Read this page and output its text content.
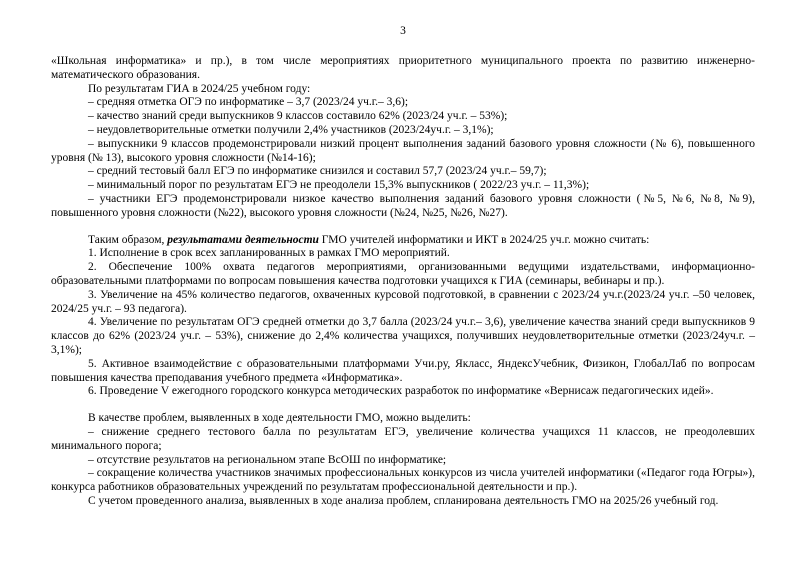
3

«Школьная информатика» и пр.), в том числе мероприятиях приоритетного муниципального проекта по развитию инженерно-математического образования.

По результатам ГИА в 2024/25 учебном году:

– средняя отметка ОГЭ по информатике – 3,7 (2023/24 уч.г.– 3,6);

– качество знаний среди выпускников 9 классов составило 62% (2023/24 уч.г. – 53%);

– неудовлетворительные отметки получили 2,4% участников (2023/24уч.г. – 3,1%);

– выпускники 9 классов продемонстрировали низкий процент выполнения заданий базового уровня сложности (№ 6), повышенного уровня (№ 13), высокого уровня сложности (№14-16);

– средний тестовый балл ЕГЭ по информатике снизился и составил 57,7 (2023/24 уч.г.– 59,7);

– минимальный порог по результатам ЕГЭ не преодолели 15,3% выпускников ( 2022/23 уч.г. – 11,3%);

– участники ЕГЭ продемонстрировали низкое качество выполнения заданий базового уровня сложности (№5, №6, №8, №9), повышенного уровня сложности (№22), высокого уровня сложности (№24, №25, №26, №27).

Таким образом, результатами деятельности ГМО учителей информатики и ИКТ в 2024/25 уч.г. можно считать:

1. Исполнение в срок всех запланированных в рамках ГМО мероприятий.

2. Обеспечение 100% охвата педагогов мероприятиями, организованными ведущими издательствами, информационно-образовательными платформами по вопросам повышения качества подготовки учащихся к ГИА (семинары, вебинары и пр.).

3. Увеличение на 45% количество педагогов, охваченных курсовой подготовкой, в сравнении с 2023/24 уч.г.(2023/24 уч.г. –50 человек, 2024/25 уч.г. – 93 педагога).

4. Увеличение по результатам ОГЭ средней отметки до 3,7 балла (2023/24 уч.г.– 3,6), увеличение качества знаний среди выпускников 9 классов до 62% (2023/24 уч.г. – 53%), снижение до 2,4% количества учащихся, получивших неудовлетворительные отметки (2023/24уч.г. – 3,1%);

5. Активное взаимодействие с образовательными платформами Учи.ру, Якласс, ЯндексУчебник, Физикон, ГлобалЛаб по вопросам повышения качества преподавания учебного предмета «Информатика».

6. Проведение V ежегодного городского конкурса методических разработок по информатике «Вернисаж педагогических идей».

В качестве проблем, выявленных в ходе деятельности ГМО, можно выделить:

– снижение среднего тестового балла по результатам ЕГЭ, увеличение количества учащихся 11 классов, не преодолевших минимального порога;

– отсутствие результатов на региональном этапе ВсОШ по информатике;

– сокращение количества участников значимых профессиональных конкурсов из числа учителей информатики («Педагог года Югры»), конкурса работников образовательных учреждений по результатам профессиональной деятельности и пр.).

С учетом проведенного анализа, выявленных в ходе анализа проблем, спланирована деятельность ГМО на 2025/26 учебный год.
